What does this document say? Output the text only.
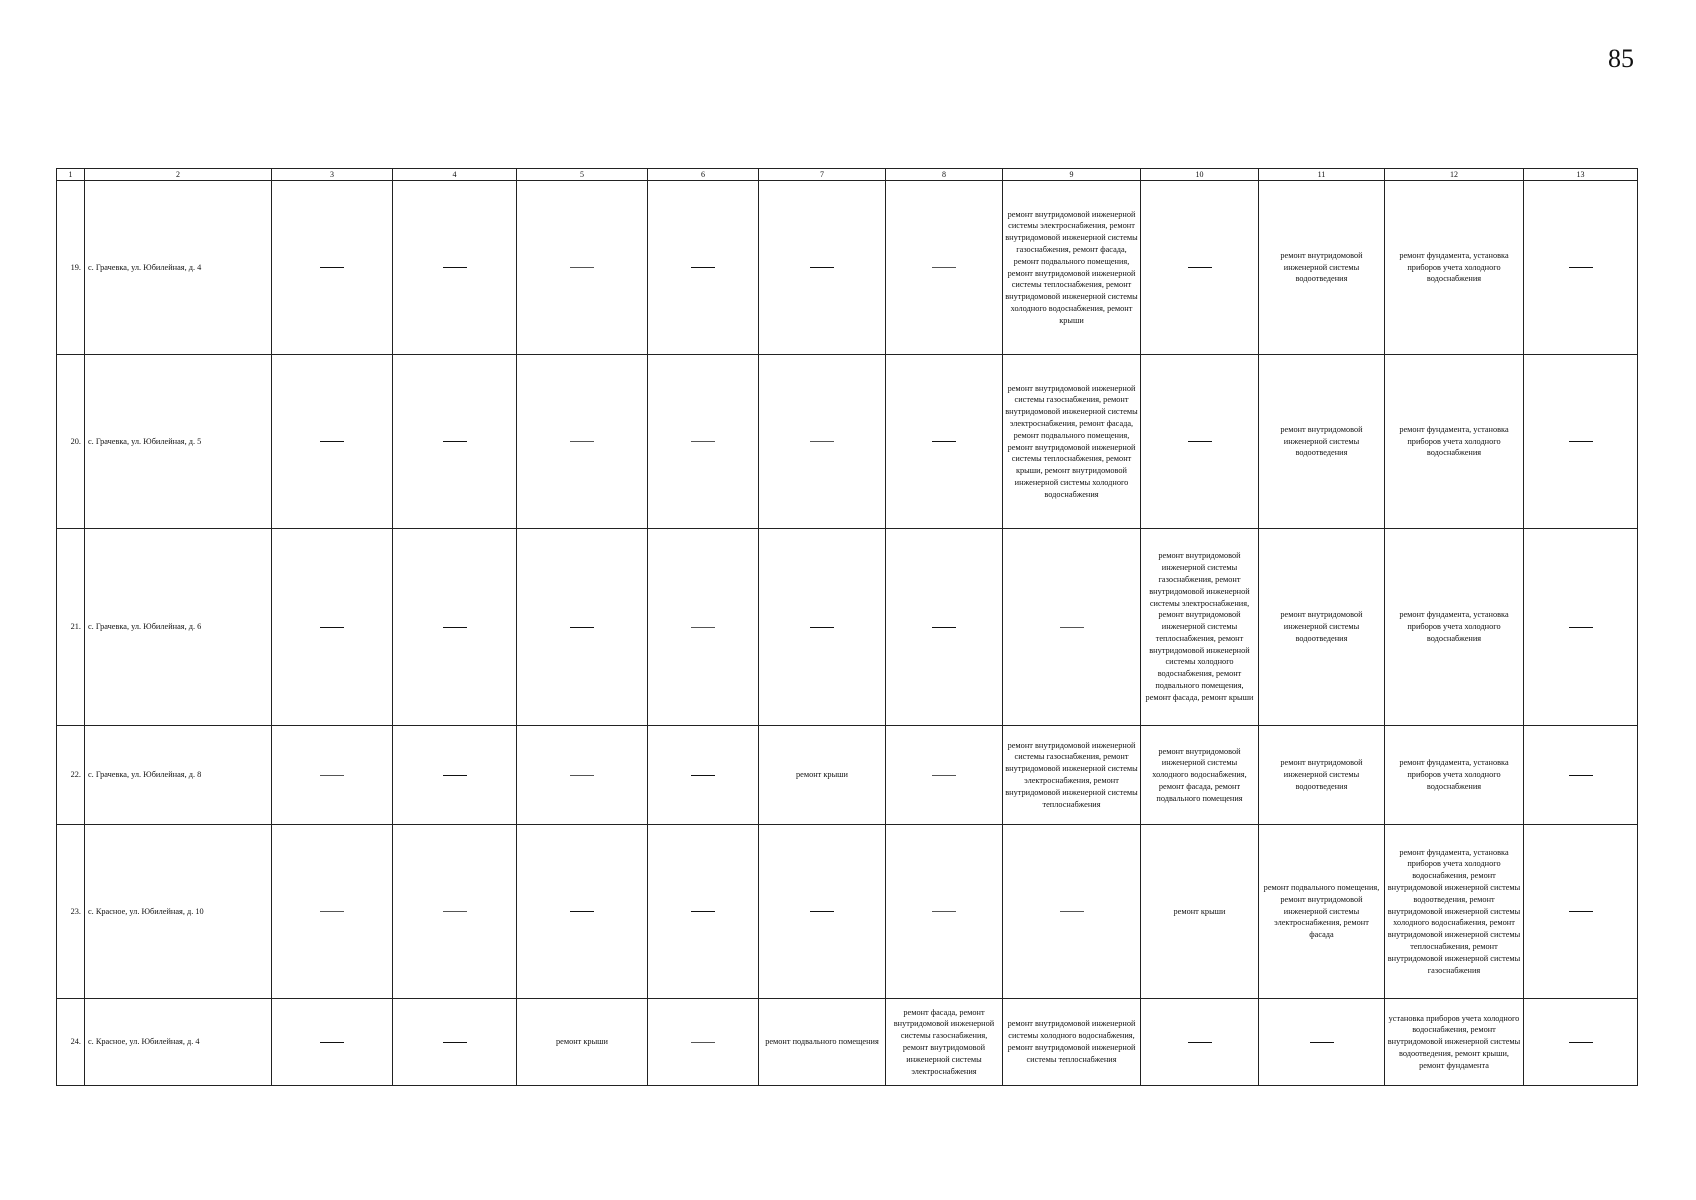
85
1	2	3	4	5	6	7	8	9	10	11	12	13
19.	с. Грачевка, ул. Юбилейная, д. 4							ремонт внутридомовой инженерной системы электроснабжения, ремонт внутридомовой инженерной системы газоснабжения, ремонт фасада, ремонт подвального помещения, ремонт внутридомовой инженерной системы теплоснабжения, ремонт внутридомовой инженерной системы холодного водоснабжения, ремонт крыши		ремонт внутридомовой инженерной системы водоотведения	ремонт фундамента, установка приборов учета холодного водоснабжения	
20.	с. Грачевка, ул. Юбилейная, д. 5							ремонт внутридомовой инженерной системы газоснабжения, ремонт внутридомовой инженерной системы электроснабжения, ремонт фасада, ремонт подвального помещения, ремонт внутридомовой инженерной системы теплоснабжения, ремонт крыши, ремонт внутридомовой инженерной системы холодного водоснабжения		ремонт внутридомовой инженерной системы водоотведения	ремонт фундамента, установка приборов учета холодного водоснабжения	
21.	с. Грачевка, ул. Юбилейная, д. 6								ремонт внутридомовой инженерной системы газоснабжения, ремонт внутридомовой инженерной системы электроснабжения, ремонт внутридомовой инженерной системы теплоснабжения, ремонт внутридомовой инженерной системы холодного водоснабжения, ремонт подвального помещения, ремонт фасада, ремонт крыши	ремонт внутридомовой инженерной системы водоотведения	ремонт фундамента, установка приборов учета холодного водоснабжения	
22.	с. Грачевка, ул. Юбилейная, д. 8					ремонт крыши		ремонт внутридомовой инженерной системы газоснабжения, ремонт внутридомовой инженерной системы электроснабжения, ремонт внутридомовой инженерной системы теплоснабжения	ремонт внутридомовой инженерной системы холодного водоснабжения, ремонт фасада, ремонт подвального помещения	ремонт внутридомовой инженерной системы водоотведения	ремонт фундамента, установка приборов учета холодного водоснабжения	
23.	с. Красное, ул. Юбилейная, д. 10								ремонт крыши	ремонт подвального помещения, ремонт внутридомовой инженерной системы электроснабжения, ремонт фасада	ремонт фундамента, установка приборов учета холодного водоснабжения, ремонт внутридомовой инженерной системы водоотведения, ремонт внутридомовой инженерной системы холодного водоснабжения, ремонт внутридомовой инженерной системы теплоснабжения, ремонт внутридомовой инженерной системы газоснабжения	
24.	с. Красное, ул. Юбилейная, д. 4			ремонт крыши		ремонт подвального помещения	ремонт фасада, ремонт внутридомовой инженерной системы газоснабжения, ремонт внутридомовой инженерной системы электроснабжения	ремонт внутридомовой инженерной системы холодного водоснабжения, ремонт внутридомовой инженерной системы теплоснабжения			установка приборов учета холодного водоснабжения, ремонт внутридомовой инженерной системы водоотведения, ремонт крыши, ремонт фундамента	
